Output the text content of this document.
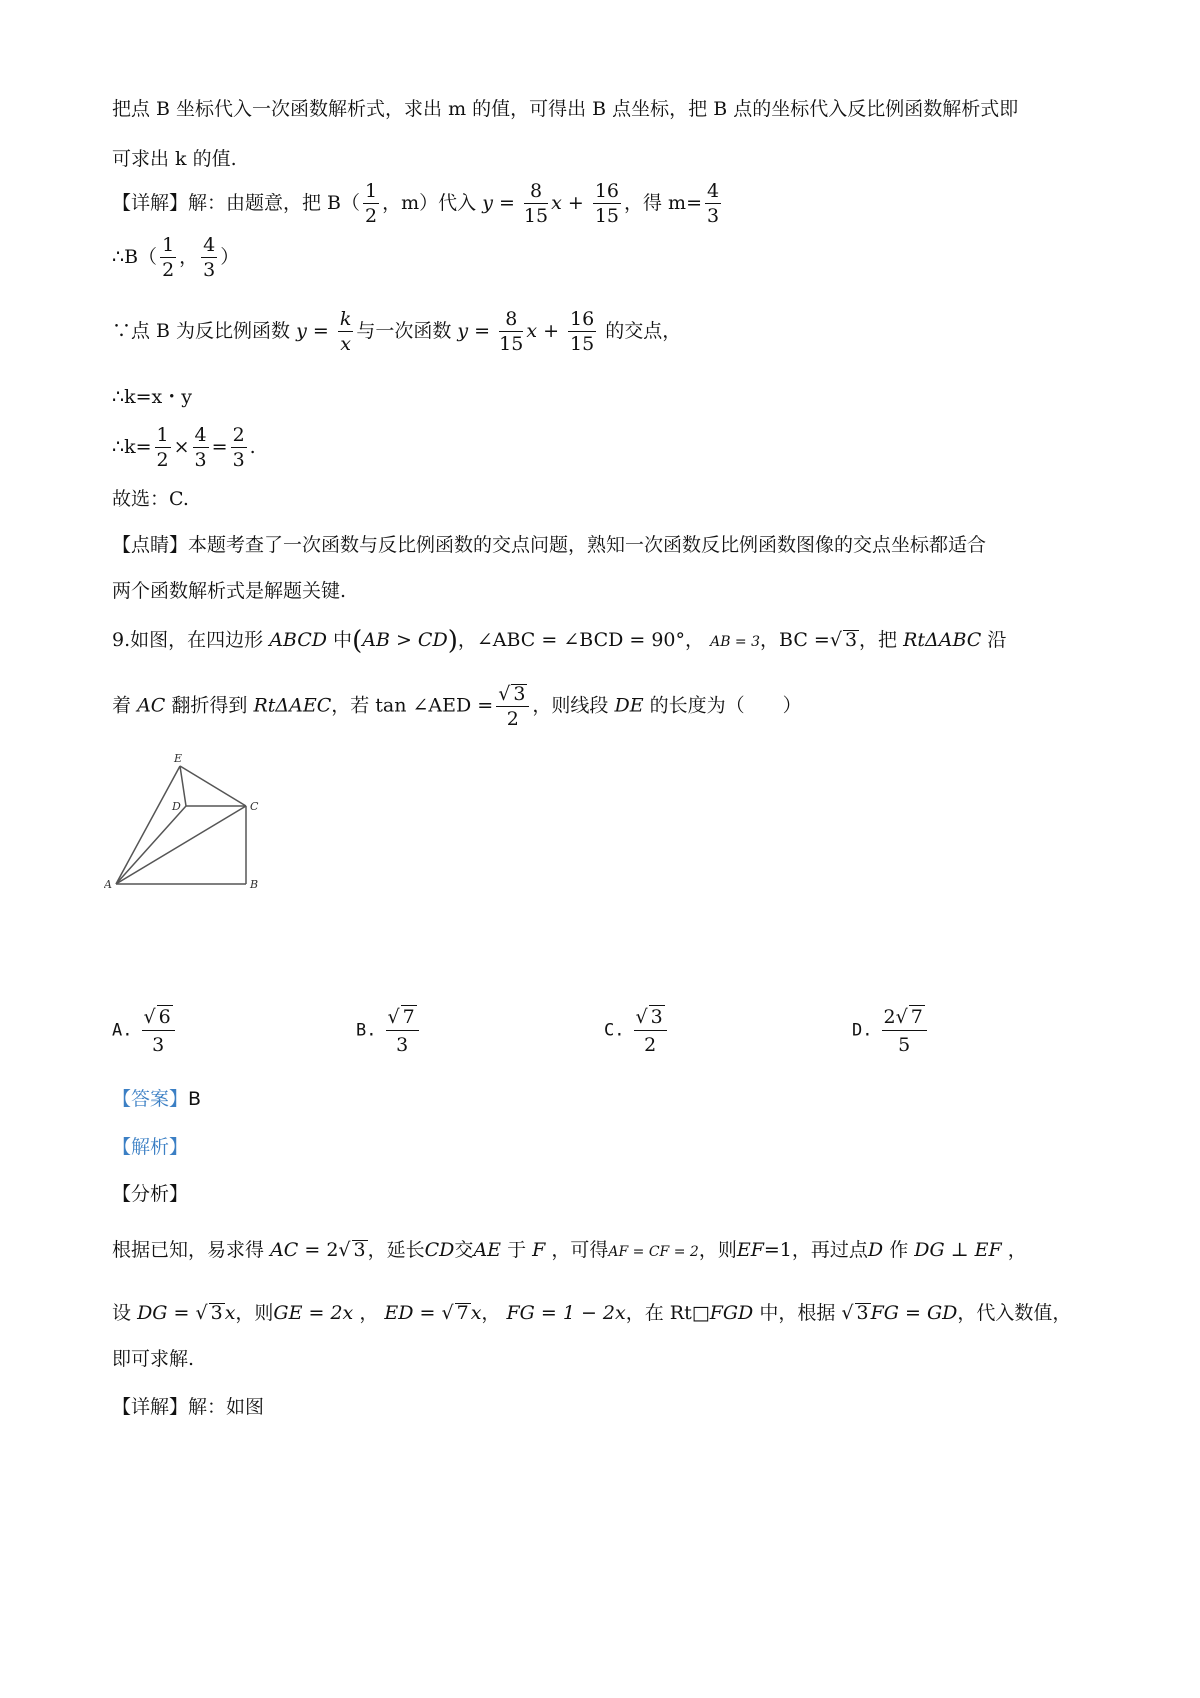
把点 B 坐标代入一次函数解析式，求出 m 的值，可得出 B 点坐标，把 B 点的坐标代入反比例函数解析式即
可求出 k 的值.
【详解】解：由题意，把 $B( \frac{1}{2}$ ，m）代入 $y = \frac{8}{15}$ $x + \frac{16}{15}$ ，得 $m= \frac{4}{3}$
∴B（ $\frac{1}{2}$ ， $\frac{4}{3}$ ）
∵点 B 为反比例函数 $y = \frac{k}{x}$ 与一次函数 $y = \frac{8}{15}$ $x + \frac{16}{15}$ 的交点，
∴k=x・y
∴k= $\frac{1}{2} \times \frac{4}{3} = \frac{2}{3}$ .
故选：C.
【点睛】本题考查了一次函数与反比例函数的交点问题，熟知一次函数反比例函数图像的交点坐标都适合
两个函数解析式是解题关键.
9.如图，在四边形 ABCD 中(AB > CD)，∠ABC = ∠BCD = 90°， AB = 3，BC =√ 3 ，把 RtΔABC 沿
着 AC 翻折得到 RtΔAEC，若 tan ∠AED = $\frac{√ 3}{2}$ ，则线段 DE 的长度为（　　）
E
D	C
A	B
A. $\frac{√ 6}{3}$	B. $\frac{√ 7}{3}$	C. $\frac{√ 3}{2}$	D. $\frac{2√ 7}{5}$
【答案】B
【解析】
【分析】
根据已知，易求得 AC = 2√ 3 ，延长CD交AE 于 F ，可得AF = CF = 2，则EF=1，再过点D 作 DG ⊥ EF ，
设 DG = √ 3 x，则GE = 2x ， ED = √ 7 x， FG = 1 − 2x，在 Rt□FGD 中，根据 √ 3 FG = GD，代入数值，
即可求解.
【详解】解：如图
